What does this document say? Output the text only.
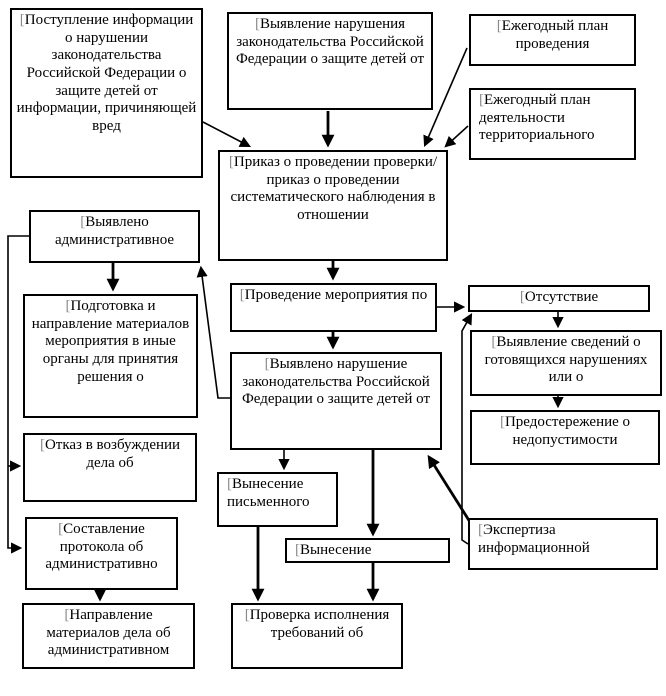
[Поступление информации о нарушении законодательства Российской Федерации о защите детей от информации, причиняющей вред
[Выявление нарушения законодательства Российской Федерации о защите детей от
[Ежегодный план проведения
[Ежегодный план деятельности территориального
[Приказ о проведении проверки/ приказ о проведении систематического наблюдения в отношении
[Проведение мероприятия по
[Выявлено нарушение законодательства Российской Федерации о защите детей от
[Отсутствие
[Выявление сведений о готовящихся нарушениях или о
[Предостережение о недопустимости
[Экспертиза информационной
[Выявлено административное
[Подготовка и направление материалов мероприятия в иные органы для принятия решения о
[Отказ в возбуждении дела об
[Составление протокола об административно
[Направление материалов дела об административном
[Вынесение письменного
[Вынесение
[Проверка исполнения требований об
